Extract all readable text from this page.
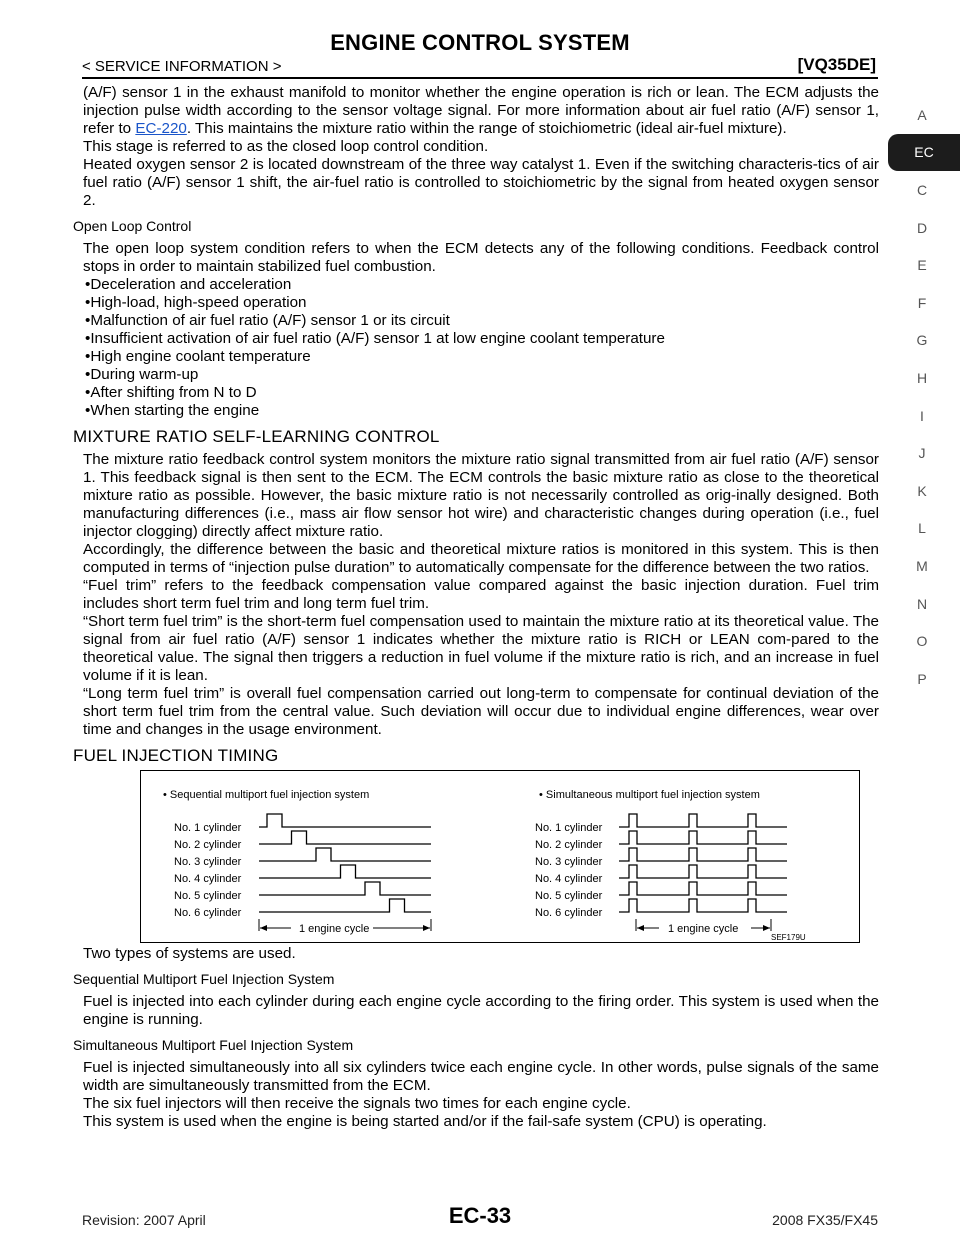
ENGINE CONTROL SYSTEM
< SERVICE INFORMATION >	[VQ35DE]

(A/F) sensor 1 in the exhaust manifold to monitor whether the engine operation is rich or lean. The ECM adjusts the injection pulse width according to the sensor voltage signal. For more information about air fuel ratio (A/F) sensor 1, refer to EC-220. This maintains the mixture ratio within the range of stoichiometric (ideal air-fuel mixture).

This stage is referred to as the closed loop control condition.

Heated oxygen sensor 2 is located downstream of the three way catalyst 1. Even if the switching characteris-tics of air fuel ratio (A/F) sensor 1 shift, the air-fuel ratio is controlled to stoichiometric by the signal from heated oxygen sensor 2.

Open Loop Control

The open loop system condition refers to when the ECM detects any of the following conditions. Feedback control stops in order to maintain stabilized fuel combustion.

• Deceleration and acceleration
• High-load, high-speed operation
• Malfunction of air fuel ratio (A/F) sensor 1 or its circuit
• Insufficient activation of air fuel ratio (A/F) sensor 1 at low engine coolant temperature
• High engine coolant temperature
• During warm-up
• After shifting from N to D
• When starting the engine

MIXTURE RATIO SELF-LEARNING CONTROL

The mixture ratio feedback control system monitors the mixture ratio signal transmitted from air fuel ratio (A/F) sensor 1. This feedback signal is then sent to the ECM. The ECM controls the basic mixture ratio as close to the theoretical mixture ratio as possible. However, the basic mixture ratio is not necessarily controlled as orig-inally designed. Both manufacturing differences (i.e., mass air flow sensor hot wire) and characteristic changes during operation (i.e., fuel injector clogging) directly affect mixture ratio.

Accordingly, the difference between the basic and theoretical mixture ratios is monitored in this system. This is then computed in terms of “injection pulse duration” to automatically compensate for the difference between the two ratios.

“Fuel trim” refers to the feedback compensation value compared against the basic injection duration. Fuel trim includes short term fuel trim and long term fuel trim.

“Short term fuel trim” is the short-term fuel compensation used to maintain the mixture ratio at its theoretical value. The signal from air fuel ratio (A/F) sensor 1 indicates whether the mixture ratio is RICH or LEAN com-pared to the theoretical value. The signal then triggers a reduction in fuel volume if the mixture ratio is rich, and an increase in fuel volume if it is lean.

“Long term fuel trim” is overall fuel compensation carried out long-term to compensate for continual deviation of the short term fuel trim from the central value. Such deviation will occur due to individual engine differences, wear over time and changes in the usage environment.

FUEL INJECTION TIMING

• Sequential multiport fuel injection system	• Simultaneous multiport fuel injection system
No. 1 cylinder
No. 2 cylinder
No. 3 cylinder
No. 4 cylinder
No. 5 cylinder
No. 6 cylinder
No. 1 cylinder
No. 2 cylinder
No. 3 cylinder
No. 4 cylinder
No. 5 cylinder
No. 6 cylinder
1 engine cycle	1 engine cycle
SEF179U

Two types of systems are used.

Sequential Multiport Fuel Injection System

Fuel is injected into each cylinder during each engine cycle according to the firing order. This system is used when the engine is running.

Simultaneous Multiport Fuel Injection System

Fuel is injected simultaneously into all six cylinders twice each engine cycle. In other words, pulse signals of the same width are simultaneously transmitted from the ECM.

The six fuel injectors will then receive the signals two times for each engine cycle.

This system is used when the engine is being started and/or if the fail-safe system (CPU) is operating.

A
EC
C
D
E
F
G
H
I
J
K
L
M
N
O
P
Revision: 2007 April	EC-33	2008 FX35/FX45
